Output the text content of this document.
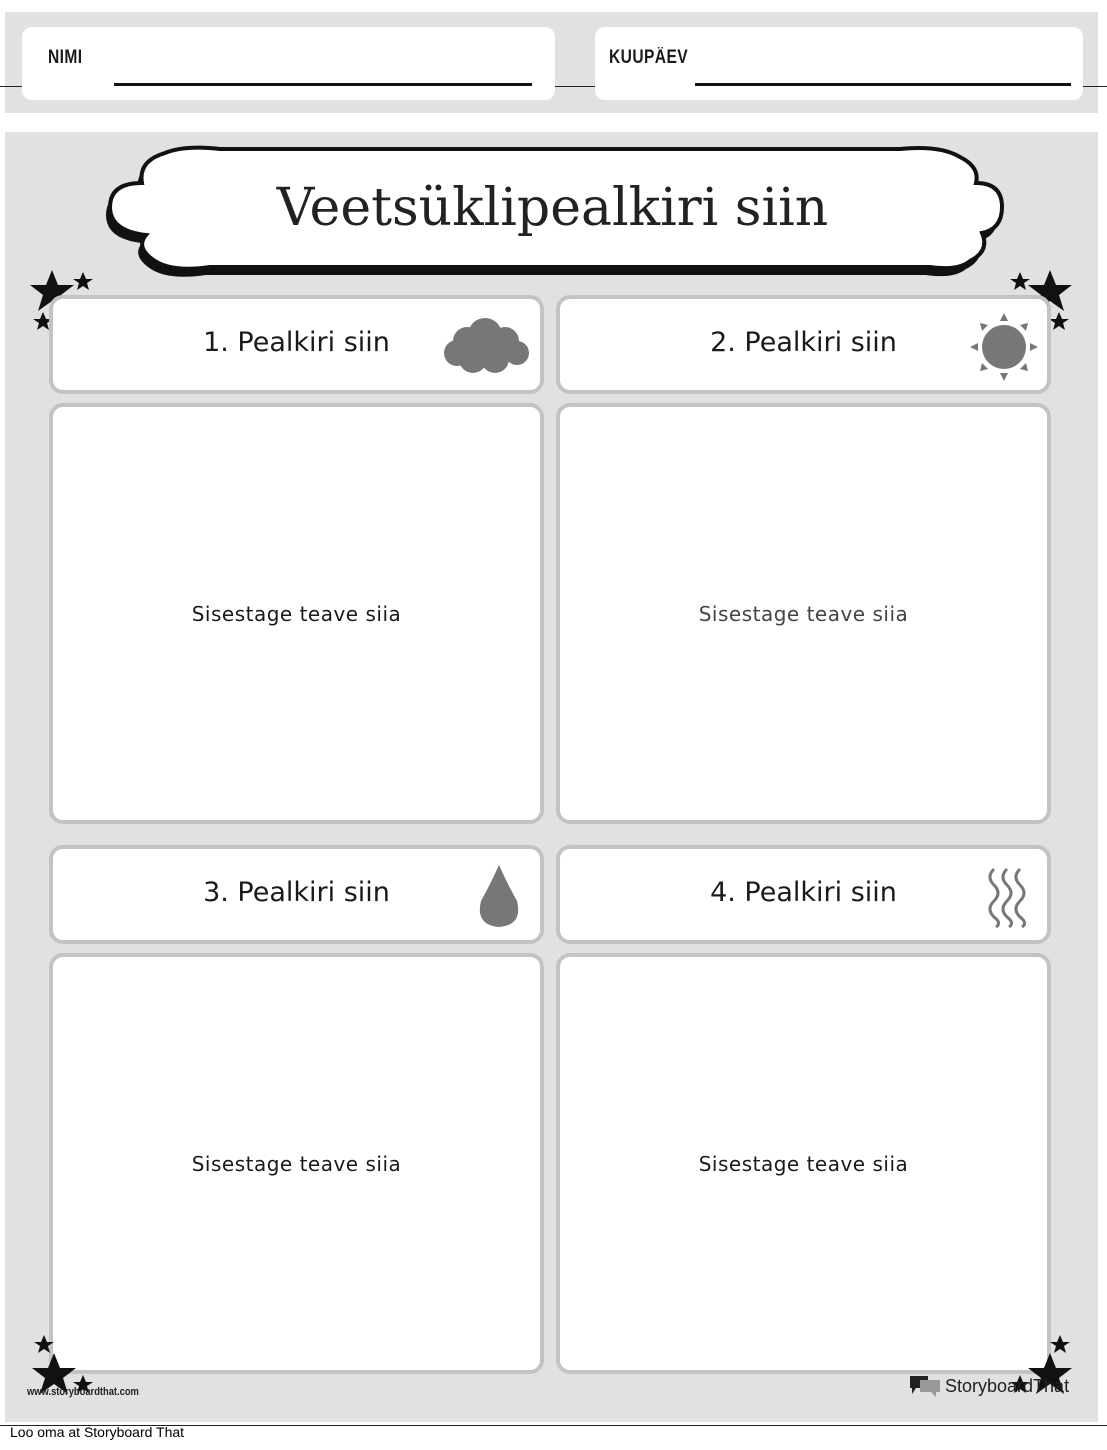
NIMI	KUUPÄEV
Veetsüklipealkiri siin
1. Pealkiri siin
Sisestage teave siia
2. Pealkiri siin
Sisestage teave siia
3. Pealkiri siin
Sisestage teave siia
4. Pealkiri siin
Sisestage teave siia
www.storyboardthat.com	StoryboardThat
Loo oma at Storyboard That
